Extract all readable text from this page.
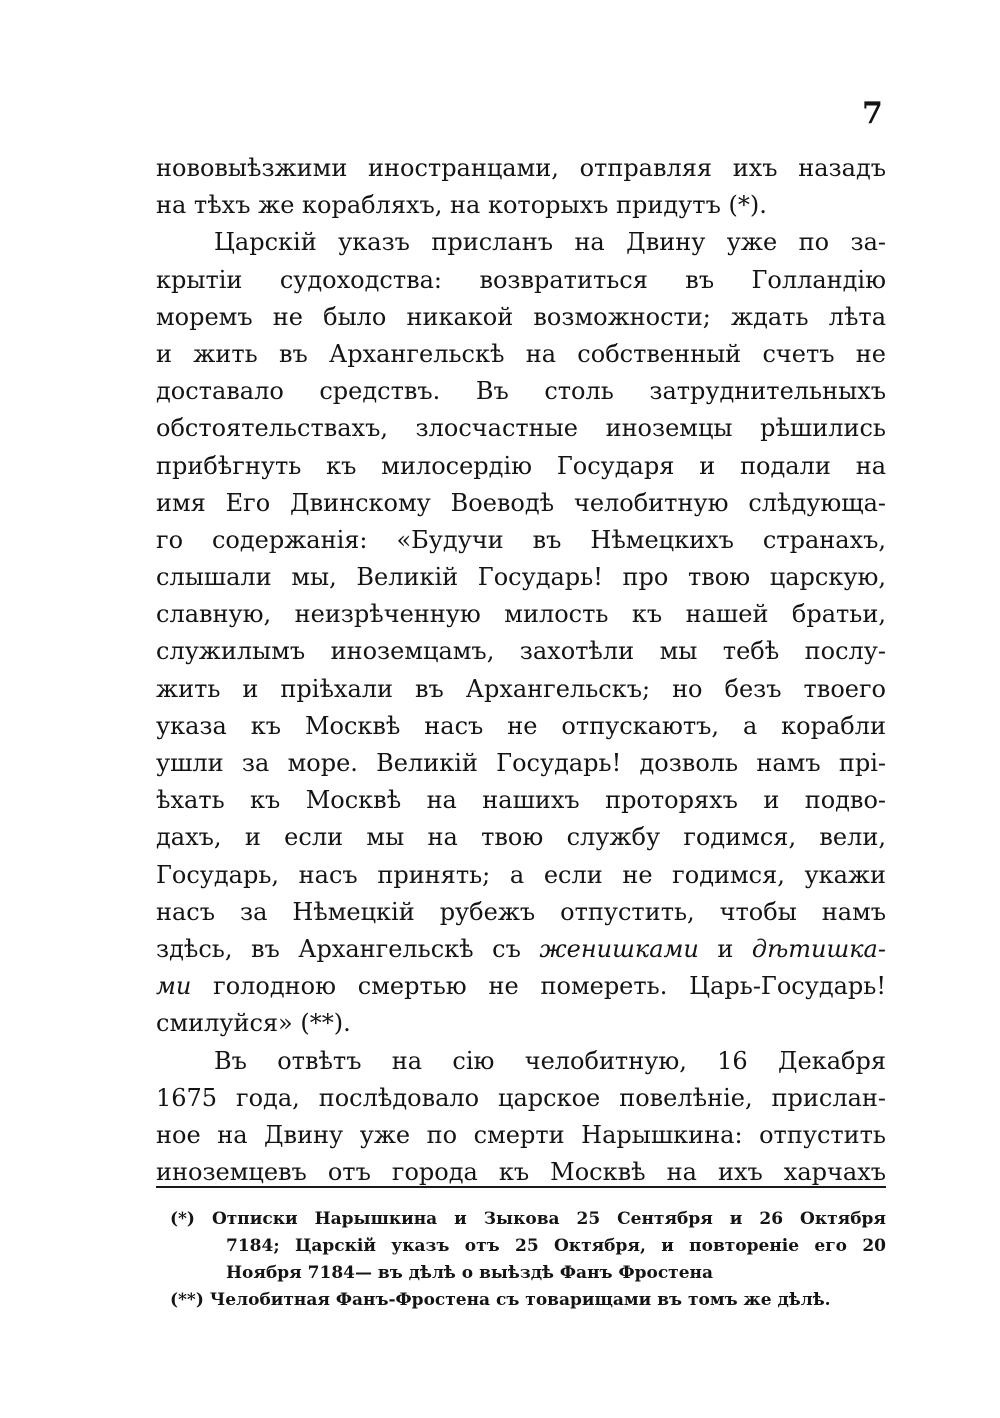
7
нововыѣзжими иностранцами, отправляя ихъ назадъ
на тѣхъ же корабляхъ, на которыхъ придутъ (*).
Царскій указъ присланъ на Двину уже по за-
крытіи судоходства: возвратиться въ Голландію
моремъ не было никакой возможности; ждать лѣта
и жить въ Архангельскѣ на собственный счетъ не
доставало средствъ. Въ столь затруднительныхъ
обстоятельствахъ, злосчастные иноземцы рѣшились
прибѣгнуть къ милосердію Государя и подали на
имя Его Двинскому Воеводѣ челобитную слѣдующа-
го содержанія: «Будучи въ Нѣмецкихъ странахъ,
слышали мы, Великій Государь! про твою царскую,
славную, неизрѣченную милость къ нашей братьи,
служилымъ иноземцамъ, захотѣли мы тебѣ послу-
жить и пріѣхали въ Архангельскъ; но безъ твоего
указа къ Москвѣ насъ не отпускаютъ, а корабли
ушли за море. Великій Государь! дозволь намъ прі-
ѣхать къ Москвѣ на нашихъ проторяхъ и подво-
дахъ, и если мы на твою службу годимся, вели,
Государь, насъ принять; а если не годимся, укажи
насъ за Нѣмецкій рубежъ отпустить, чтобы намъ
здѣсь, въ Архангельскѣ съ женишками и дѣтишка-
ми голодною смертью не помереть. Царь-Государь!
смилуйся» (**).
Въ отвѣтъ на сію челобитную, 16 Декабря
1675 года, послѣдовало царское повелѣніе, прислан-
ное на Двину уже по смерти Нарышкина: отпустить
иноземцевъ отъ города къ Москвѣ на ихъ харчахъ
(*) Отписки Нарышкина и Зыкова 25 Сентября и 26 Октября
7184; Царскій указъ отъ 25 Октября, и повтореніе его 20
Ноября 7184— въ дѣлѣ о выѣздѣ Фанъ Фростена
(**) Челобитная Фанъ-Фростена съ товарищами въ томъ же дѣлѣ.
